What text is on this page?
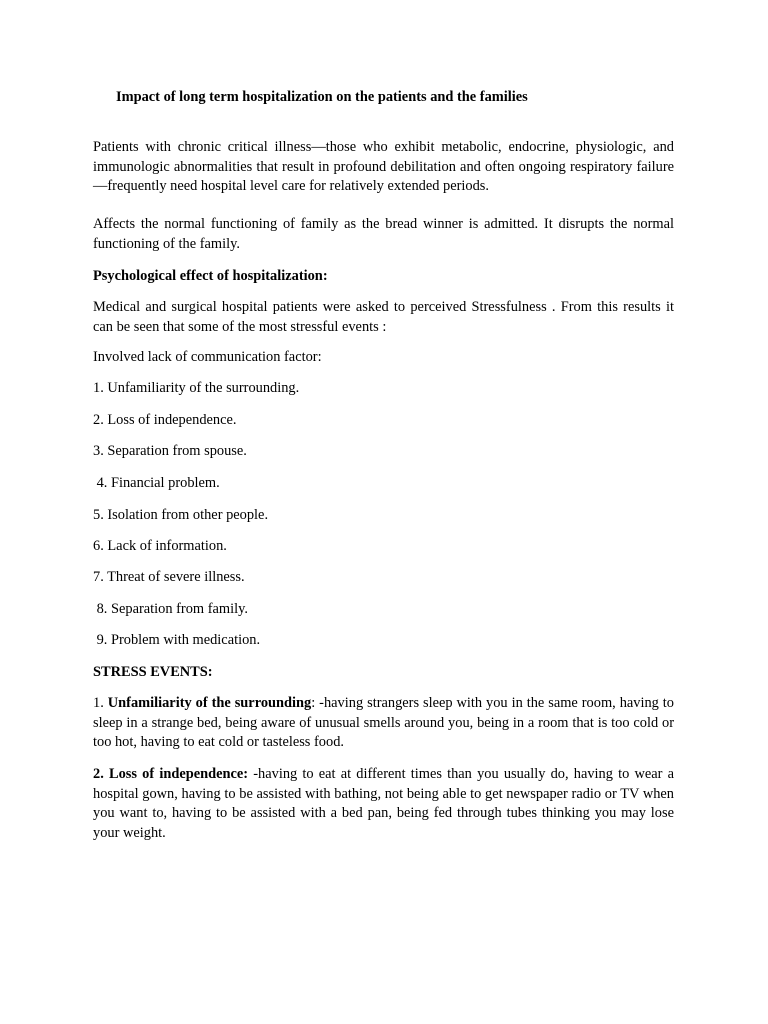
Impact of long term hospitalization on the patients and the families
Patients with chronic critical illness—those who exhibit metabolic, endocrine, physiologic, and immunologic abnormalities that result in profound debilitation and often ongoing respiratory failure—frequently need hospital level care for relatively extended periods.
Affects the normal functioning of family as the bread winner is admitted. It disrupts the normal functioning of the family.
Psychological effect of hospitalization:
Medical and surgical hospital patients were asked to perceived Stressfulness . From this results it can be seen that some of the most stressful events :
Involved lack of communication factor:
1. Unfamiliarity of the surrounding.
2. Loss of independence.
3. Separation from spouse.
4. Financial problem.
5. Isolation from other people.
6. Lack of information.
7. Threat of severe illness.
8. Separation from family.
9. Problem with medication.
STRESS EVENTS:
1. Unfamiliarity of the surrounding: -having strangers sleep with you in the same room, having to sleep in a strange bed, being aware of unusual smells around you, being in a room that is too cold or too hot, having to eat cold or tasteless food.
2. Loss of independence: -having to eat at different times than you usually do, having to wear a hospital gown, having to be assisted with bathing, not being able to get newspaper radio or TV when you want to, having to be assisted with a bed pan, being fed through tubes thinking you may lose your weight.
